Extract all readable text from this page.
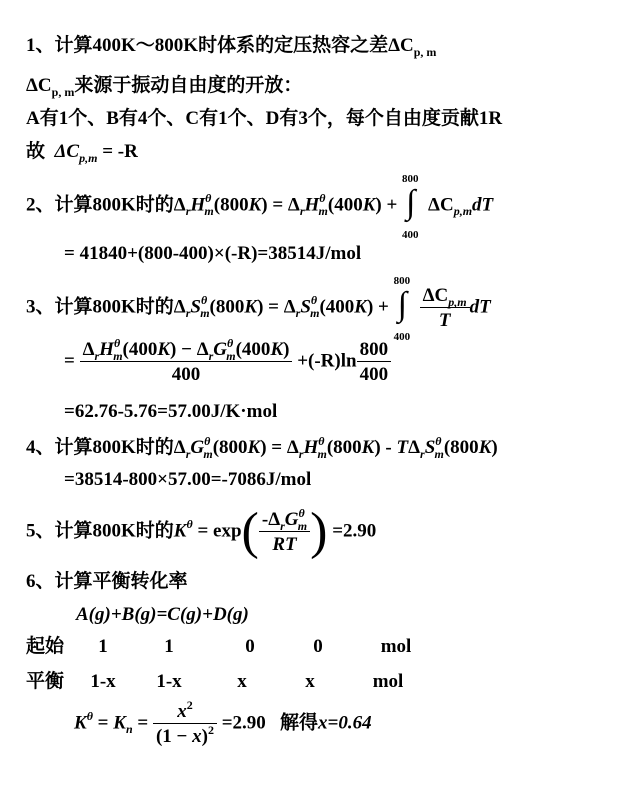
1、计算400K～800K时体系的定压热容之差$\Delta C_{p, m}$
$\Delta C_{p, m}$来源于振动自由度的开放：
A有1个、B有4个、C有1个、D有3个，每个自由度贡献1R
故 $\Delta C_{p,m} = -R$
2、计算800K时的$\Delta_rH^\theta_m(800K) = \Delta_rH^\theta_m(400K)$ +
800
∫
400
$\Delta C_{p,m}dT$
= 41840+(800-400)×(-R)=38514J/mol
3、计算800K时的$\Delta_rS^\theta_m(800K) = \Delta_rS^\theta_m(400K)$ +
800
∫
400
$\frac{\Delta C_{p,m}}{T}$ dT
= $\frac{\Delta_rH^\theta_m(400K) - \Delta_rG^\theta_m(400K)}{400} +(-R)\ln \frac{800}{400}$
=62.76-5.76=57.00J/K·mol
4、计算800K时的$\Delta_rG^\theta_m(800K) = \Delta_rH^\theta_m(800K) - T\Delta_rS^\theta_m(800K)$
=38514-800×57.00=-7086J/mol
5、计算800K时的$K^\theta = \exp( \frac{-\Delta_rG^\theta_m}{RT}$ ) =2.90
6、计算平衡转化率
A(g)+B(g)=C(g)+D(g)
起始 1	1	0	0	mol
平衡 1-x 1-x	x	x	mol
$K^\theta = K_n = \frac{x^2}{(1 - x)^2} =2.90$ 解得x=0.64
